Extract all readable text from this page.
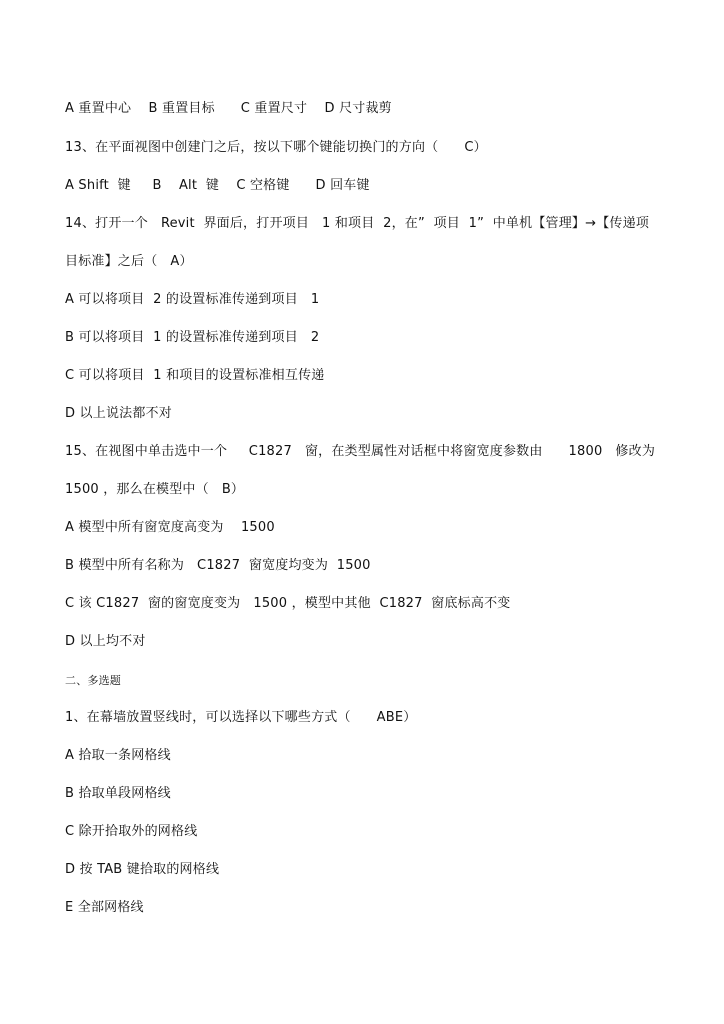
A 重置中心    B 重置目标      C 重置尺寸    D 尺寸裁剪
13、在平面视图中创建门之后，按以下哪个键能切换门的方向（      C）
A Shift  键     B    Alt  键    C 空格键      D 回车键
14、打开一个   Revit  界面后，打开项目   1 和项目  2，在”  项目  1”  中单机【管理】→【传递项
目标准】之后（   A）
A 可以将项目  2 的设置标准传递到项目   1
B 可以将项目  1 的设置标准传递到项目   2
C 可以将项目  1 和项目的设置标准相互传递
D 以上说法都不对
15、在视图中单击选中一个     C1827   窗，在类型属性对话框中将窗宽度参数由      1800   修改为
1500 ，那么在模型中（   B）
A 模型中所有窗宽度高变为    1500
B 模型中所有名称为   C1827  窗宽度均变为  1500
C 该 C1827  窗的窗宽度变为   1500 ，模型中其他  C1827  窗底标高不变
D 以上均不对
二、多选题
1、在幕墙放置竖线时，可以选择以下哪些方式（      ABE）
A 拾取一条网格线
B 拾取单段网格线
C 除开拾取外的网格线
D 按 TAB 键拾取的网格线
E 全部网格线
